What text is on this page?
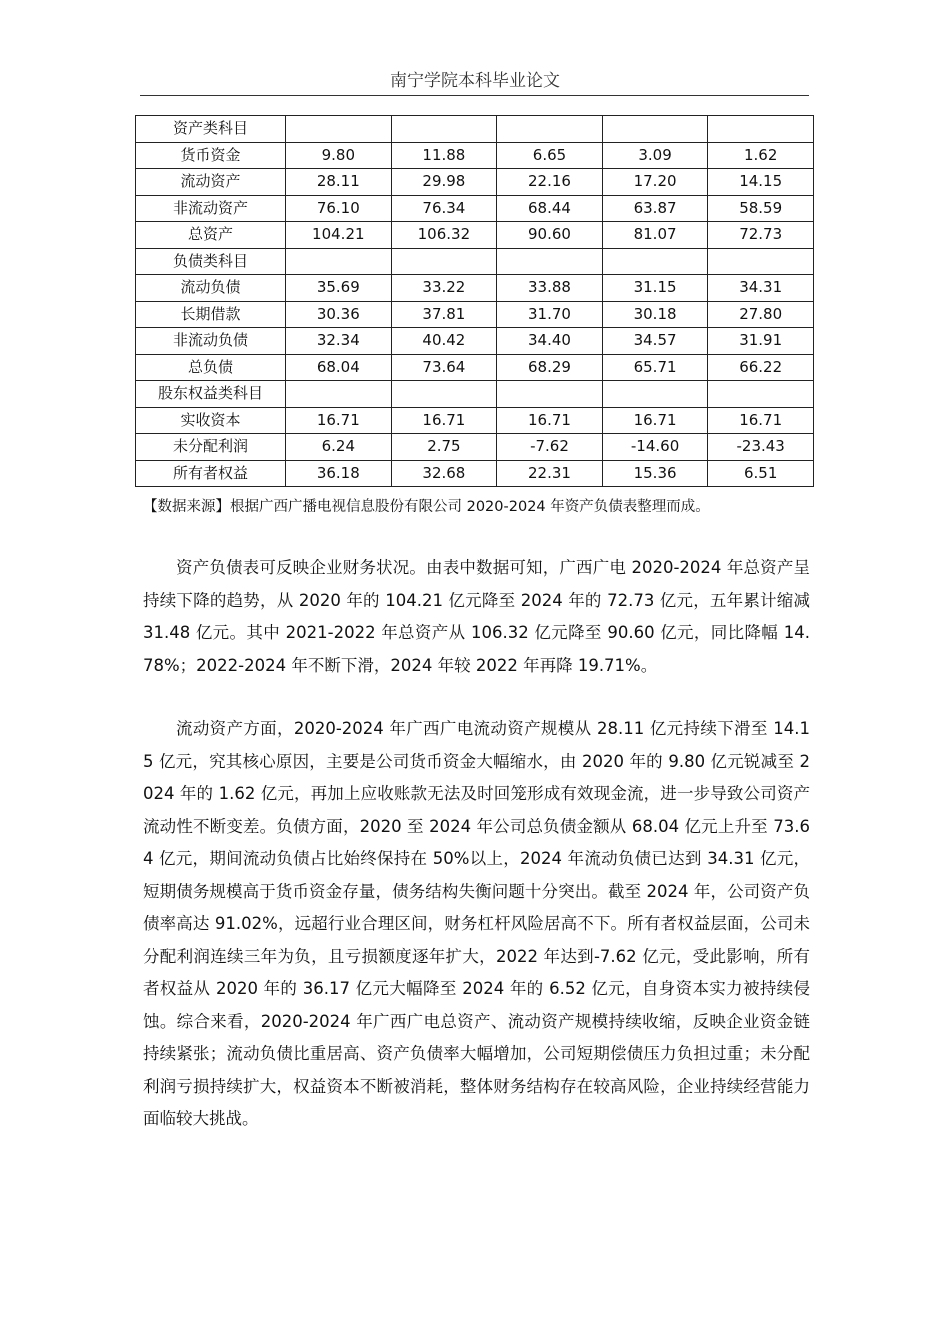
南宁学院本科毕业论文
资产类科目					
货币资金	9.80	11.88	6.65	3.09	1.62
流动资产	28.11	29.98	22.16	17.20	14.15
非流动资产	76.10	76.34	68.44	63.87	58.59
总资产	104.21	106.32	90.60	81.07	72.73
负债类科目					
流动负债	35.69	33.22	33.88	31.15	34.31
长期借款	30.36	37.81	31.70	30.18	27.80
非流动负债	32.34	40.42	34.40	34.57	31.91
总负债	68.04	73.64	68.29	65.71	66.22
股东权益类科目					
实收资本	16.71	16.71	16.71	16.71	16.71
未分配利润	6.24	2.75	-7.62	-14.60	-23.43
所有者权益	36.18	32.68	22.31	15.36	6.51
【数据来源】根据广西广播电视信息股份有限公司 2020-2024 年资产负债表整理而成。

资产负债表可反映企业财务状况。由表中数据可知，广西广电 2020-2024 年总资产呈持续下降的趋势，从 2020 年的 104.21 亿元降至 2024 年的 72.73 亿元，五年累计缩减 31.48 亿元。其中 2021-2022 年总资产从 106.32 亿元降至 90.60 亿元，同比降幅 14.78%；2022-2024 年不断下滑，2024 年较 2022 年再降 19.71%。

流动资产方面，2020-2024 年广西广电流动资产规模从 28.11 亿元持续下滑至 14.15 亿元，究其核心原因，主要是公司货币资金大幅缩水，由 2020 年的 9.80 亿元锐减至 2024 年的 1.62 亿元，再加上应收账款无法及时回笼形成有效现金流，进一步导致公司资产流动性不断变差。负债方面，2020 至 2024 年公司总负债金额从 68.04 亿元上升至 73.64 亿元，期间流动负债占比始终保持在 50%以上，2024 年流动负债已达到 34.31 亿元，短期债务规模高于货币资金存量，债务结构失衡问题十分突出。截至 2024 年，公司资产负债率高达 91.02%，远超行业合理区间，财务杠杆风险居高不下。所有者权益层面，公司未分配利润连续三年为负，且亏损额度逐年扩大，2022 年达到-7.62 亿元，受此影响，所有者权益从 2020 年的 36.17 亿元大幅降至 2024 年的 6.52 亿元，自身资本实力被持续侵蚀。综合来看，2020-2024 年广西广电总资产、流动资产规模持续收缩，反映企业资金链持续紧张；流动负债比重居高、资产负债率大幅增加，公司短期偿债压力负担过重；未分配利润亏损持续扩大，权益资本不断被消耗，整体财务结构存在较高风险，企业持续经营能力面临较大挑战。
